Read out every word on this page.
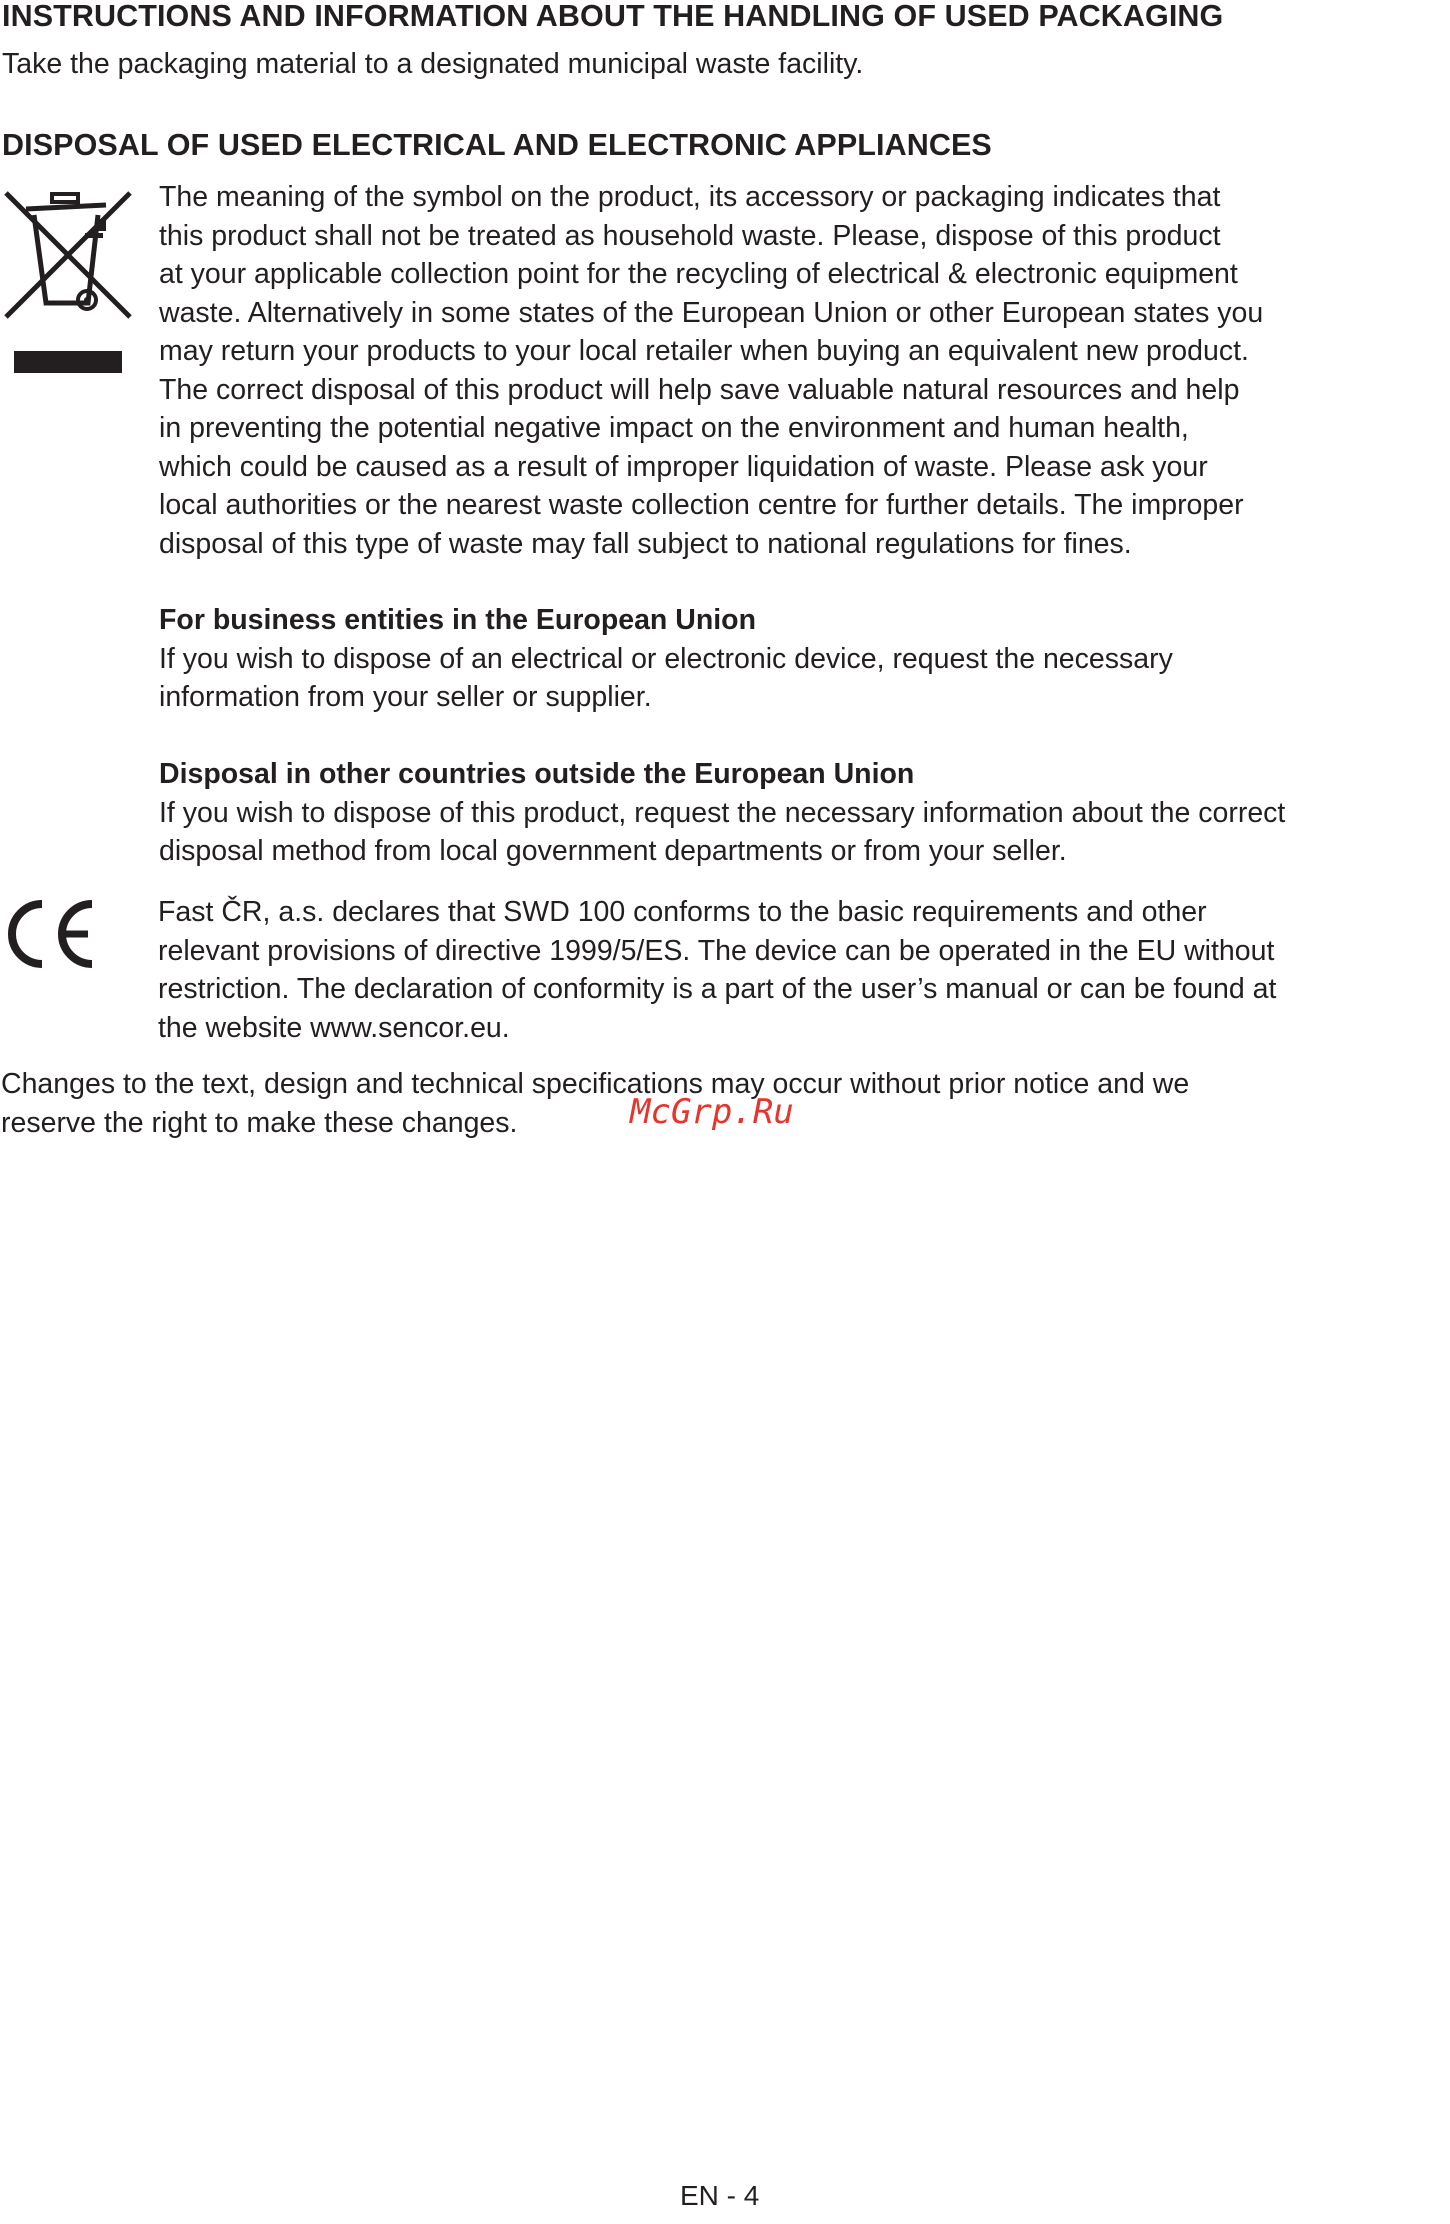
INSTRUCTIONS AND INFORMATION ABOUT THE HANDLING OF USED PACKAGING
Take the packaging material to a designated municipal waste facility.
DISPOSAL OF USED ELECTRICAL AND ELECTRONIC APPLIANCES
The meaning of the symbol on the product, its accessory or packaging indicates that
this product shall not be treated as household waste. Please, dispose of this product
at your applicable collection point for the recycling of electrical & electronic equipment
waste. Alternatively in some states of the European Union or other European states you
may return your products to your local retailer when buying an equivalent new product.
The correct disposal of this product will help save valuable natural resources and help
in preventing the potential negative impact on the environment and human health,
which could be caused as a result of improper liquidation of waste. Please ask your
local authorities or the nearest waste collection centre for further details. The improper
disposal of this type of waste may fall subject to national regulations for fines.
For business entities in the European Union
If you wish to dispose of an electrical or electronic device, request the necessary
information from your seller or supplier.
Disposal in other countries outside the European Union
If you wish to dispose of this product, request the necessary information about the correct
disposal method from local government departments or from your seller.
Fast ČR, a.s. declares that SWD 100 conforms to the basic requirements and other
relevant provisions of directive 1999/5/ES. The device can be operated in the EU without
restriction. The declaration of conformity is a part of the user’s manual or can be found at
the website www.sencor.eu.
Changes to the text, design and technical specifications may occur without prior notice and we
reserve the right to make these changes.	McGrp.Ru
EN - 4
